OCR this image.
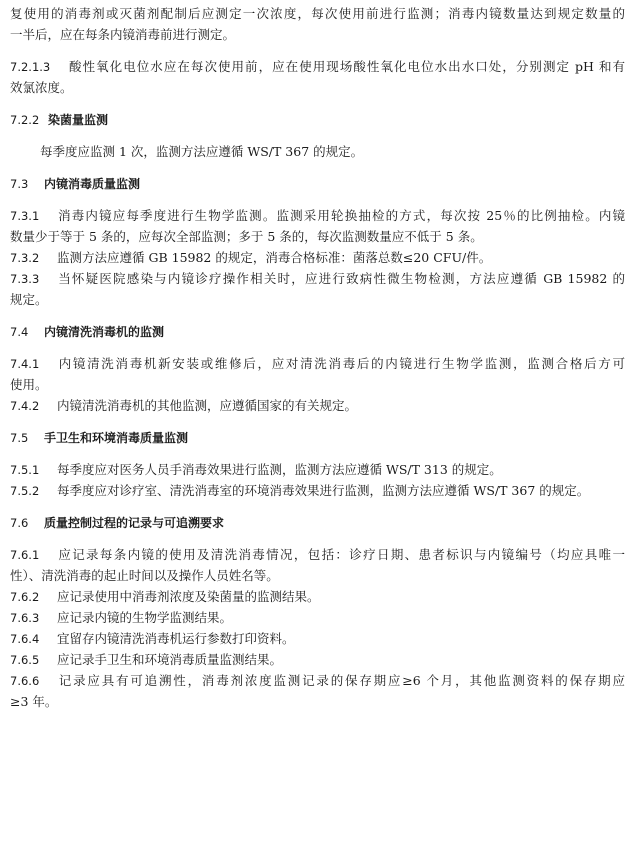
复使用的消毒剂或灭菌剂配制后应测定一次浓度，每次使用前进行监测；消毒内镜数量达到规定数量的
一半后，应在每条内镜消毒前进行测定。
7.2.1.3 酸性氧化电位水应在每次使用前，应在使用现场酸性氧化电位水出水口处，分别测定 pH 和有
效氯浓度。
7.2.2 染菌量监测
每季度应监测 1 次，监测方法应遵循 WS/T 367 的规定。
7.3 内镜消毒质量监测
7.3.1 消毒内镜应每季度进行生物学监测。监测采用轮换抽检的方式，每次按 25％的比例抽检。内镜
数量少于等于 5 条的，应每次全部监测；多于 5 条的，每次监测数量应不低于 5 条。
7.3.2 监测方法应遵循 GB 15982 的规定，消毒合格标准：菌落总数≤20 CFU/件。
7.3.3 当怀疑医院感染与内镜诊疗操作相关时，应进行致病性微生物检测，方法应遵循 GB 15982 的
规定。
7.4 内镜清洗消毒机的监测
7.4.1 内镜清洗消毒机新安装或维修后，应对清洗消毒后的内镜进行生物学监测，监测合格后方可
使用。
7.4.2 内镜清洗消毒机的其他监测，应遵循国家的有关规定。
7.5 手卫生和环境消毒质量监测
7.5.1 每季度应对医务人员手消毒效果进行监测，监测方法应遵循 WS/T 313 的规定。
7.5.2 每季度应对诊疗室、清洗消毒室的环境消毒效果进行监测，监测方法应遵循 WS/T 367 的规定。
7.6 质量控制过程的记录与可追溯要求
7.6.1 应记录每条内镜的使用及清洗消毒情况，包括：诊疗日期、患者标识与内镜编号（均应具唯一
性）、清洗消毒的起止时间以及操作人员姓名等。
7.6.2 应记录使用中消毒剂浓度及染菌量的监测结果。
7.6.3 应记录内镜的生物学监测结果。
7.6.4 宜留存内镜清洗消毒机运行参数打印资料。
7.6.5 应记录手卫生和环境消毒质量监测结果。
7.6.6 记录应具有可追溯性，消毒剂浓度监测记录的保存期应≥6 个月，其他监测资料的保存期应
≥3 年。
